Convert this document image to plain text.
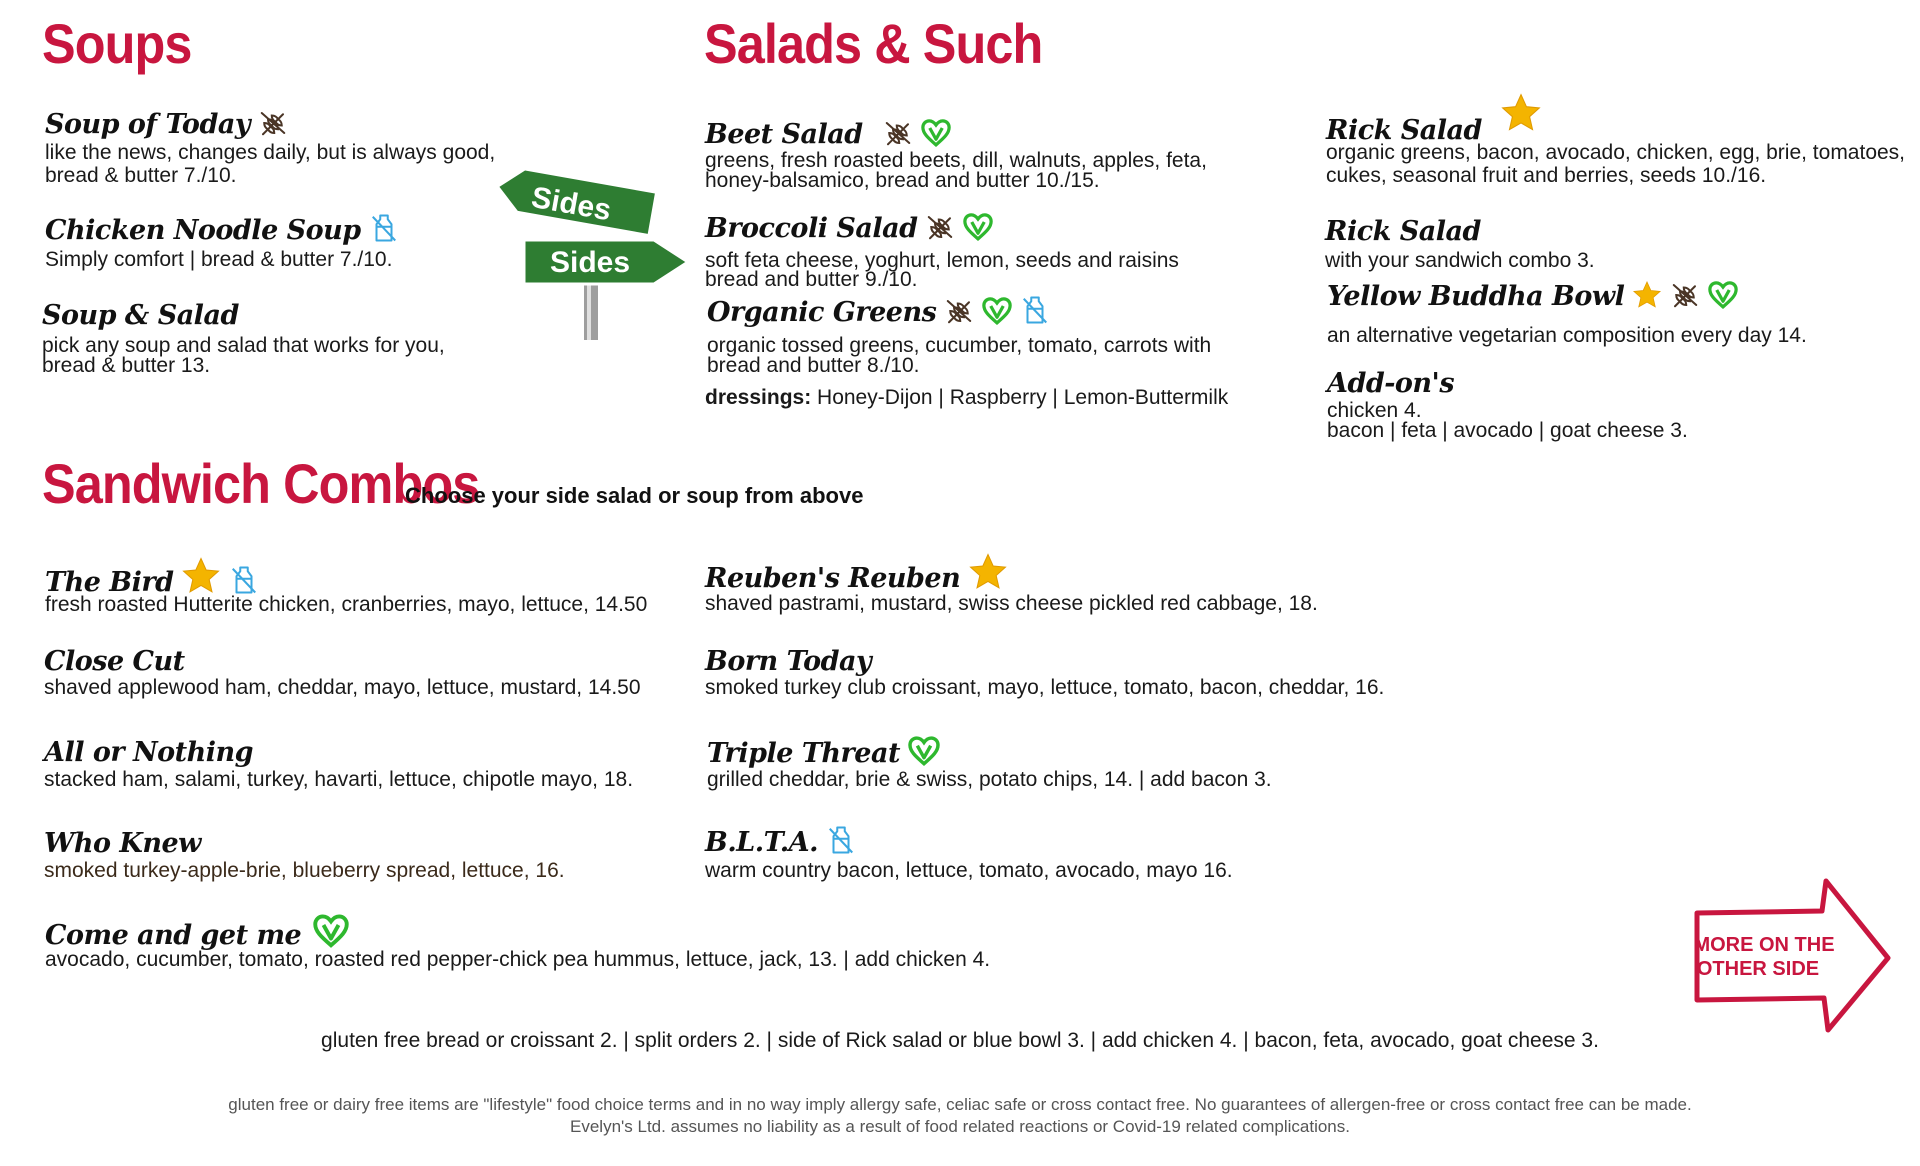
Soups
Soup of Today
like the news, changes daily, but is always good,
bread & butter 7./10.
Chicken Noodle Soup
Simply comfort | bread & butter 7./10.
Soup & Salad
pick any soup and salad that works for you,
bread & butter 13.
Sides
Sides
Salads & Such
Beet Salad
greens, fresh roasted beets, dill, walnuts, apples, feta,
honey-balsamico, bread and butter 10./15.
Broccoli Salad
soft feta cheese, yoghurt, lemon, seeds and raisins
bread and butter 9./10.
Organic Greens
organic tossed greens, cucumber, tomato, carrots with
bread and butter 8./10.
dressings: Honey-Dijon | Raspberry | Lemon-Buttermilk
Rick Salad
organic greens, bacon, avocado, chicken, egg, brie, tomatoes,
cukes, seasonal fruit and berries, seeds 10./16.
Rick Salad
with your sandwich combo 3.
Yellow Buddha Bowl
an alternative vegetarian composition every day 14.
Add-on's
chicken 4.
bacon | feta | avocado | goat cheese 3.
Sandwich Combos
Choose your side salad or soup from above
The Bird
fresh roasted Hutterite chicken, cranberries, mayo, lettuce, 14.50
Close Cut
shaved applewood ham, cheddar, mayo, lettuce, mustard, 14.50
All or Nothing
stacked ham, salami, turkey, havarti, lettuce, chipotle mayo, 18.
Who Knew
smoked turkey-apple-brie, blueberry spread, lettuce, 16.
Come and get me
avocado, cucumber, tomato, roasted red pepper-chick pea hummus, lettuce, jack, 13. | add chicken 4.
Reuben's Reuben
shaved pastrami, mustard, swiss cheese pickled red cabbage, 18.
Born Today
smoked turkey club croissant, mayo, lettuce, tomato, bacon, cheddar, 16.
Triple Threat
grilled cheddar, brie & swiss, potato chips, 14. | add bacon 3.
B.L.T.A.
warm country bacon, lettuce, tomato, avocado, mayo 16.
MORE ON THE
OTHER SIDE
gluten free bread or croissant 2. | split orders 2. | side of Rick salad or blue bowl 3. | add chicken 4. | bacon, feta, avocado, goat cheese 3.
gluten free or dairy free items are "lifestyle" food choice terms and in no way imply allergy safe, celiac safe or cross contact free. No guarantees of allergen-free or cross contact free can be made.
Evelyn's Ltd. assumes no liability as a result of food related reactions or Covid-19 related complications.
